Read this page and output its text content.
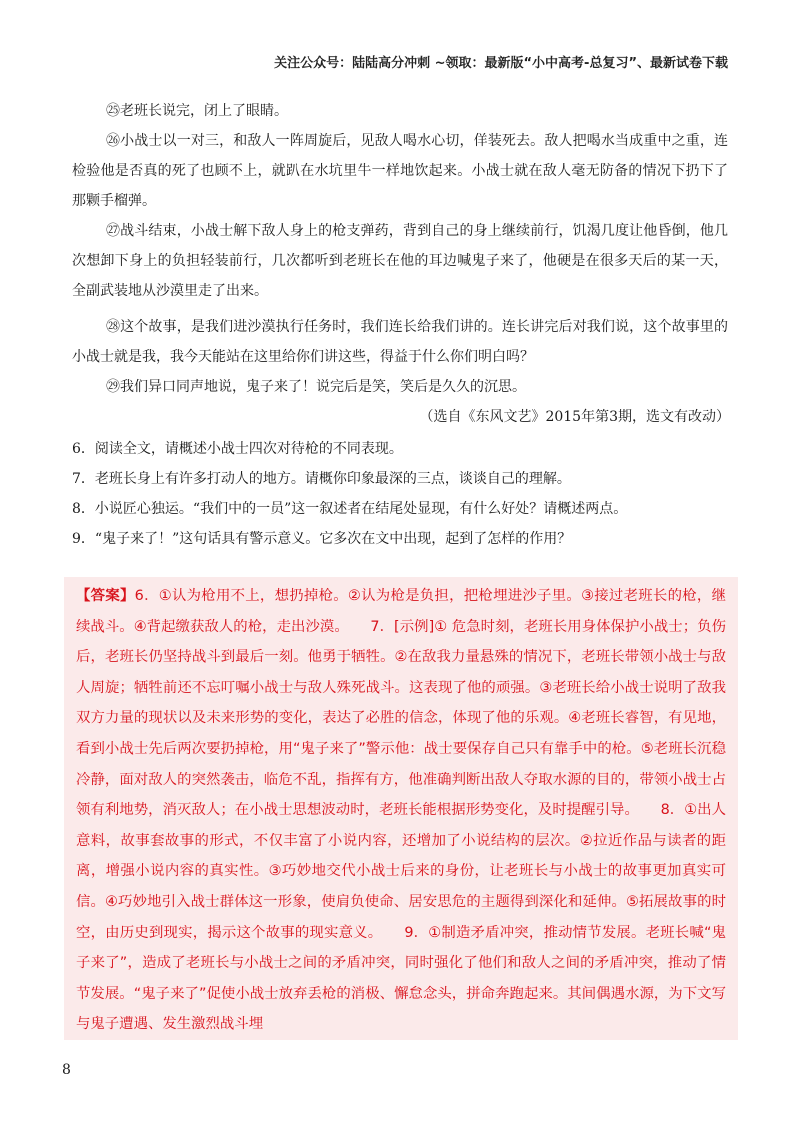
关注公众号：陆陆高分冲刺 ~领取：最新版“小中高考-总复习”、最新试卷下载
㉕老班长说完，闭上了眼睛。
㉖小战士以一对三，和敌人一阵周旋后，见敌人喝水心切，佯装死去。敌人把喝水当成重中之重，连检验他是否真的死了也顾不上，就趴在水坑里牛一样地饮起来。小战士就在敌人毫无防备的情况下扔下了那颗手榴弹。
㉗战斗结束，小战士解下敌人身上的枪支弹药，背到自己的身上继续前行，饥渴几度让他昏倒，他几次想卸下身上的负担轻装前行，几次都听到老班长在他的耳边喊鬼子来了，他硬是在很多天后的某一天，全副武装地从沙漠里走了出来。
㉘这个故事，是我们进沙漠执行任务时，我们连长给我们讲的。连长讲完后对我们说，这个故事里的小战士就是我，我今天能站在这里给你们讲这些，得益于什么你们明白吗？
㉙我们异口同声地说，鬼子来了！说完后是笑，笑后是久久的沉思。
（选自《东风文艺》2015年第3期，选文有改动）
6．阅读全文，请概述小战士四次对待枪的不同表现。
7．老班长身上有许多打动人的地方。请概你印象最深的三点，谈谈自己的理解。
8．小说匠心独运。“我们中的一员”这一叙述者在结尾处显现，有什么好处？请概述两点。
9．“鬼子来了！”这句话具有警示意义。它多次在文中出现，起到了怎样的作用？
【答案】6．①认为枪用不上，想扔掉枪。②认为枪是负担，把枪埋进沙子里。③接过老班长的枪，继续战斗。④背起缴获敌人的枪，走出沙漠。　　7．[示例]① 危急时刻，老班长用身体保护小战士；负伤后，老班长仍坚持战斗到最后一刻。他勇于牺牲。②在敌我力量悬殊的情况下，老班长带领小战士与敌人周旋；牺牲前还不忘叮嘱小战士与敌人殊死战斗。这表现了他的顽强。③老班长给小战士说明了敌我双方力量的现状以及未来形势的变化，表达了必胜的信念，体现了他的乐观。④老班长睿智，有见地，看到小战士先后两次要扔掉枪，用“鬼子来了”警示他：战士要保存自己只有靠手中的枪。⑤老班长沉稳冷静，面对敌人的突然袭击，临危不乱，指挥有方，他准确判断出敌人夺取水源的目的，带领小战士占领有利地势，消灭敌人；在小战士思想波动时，老班长能根据形势变化，及时提醒引导。　　8．①出人意料，故事套故事的形式，不仅丰富了小说内容，还增加了小说结构的层次。②拉近作品与读者的距离，增强小说内容的真实性。③巧妙地交代小战士后来的身份，让老班长与小战士的故事更加真实可信。④巧妙地引入战士群体这一形象，使肩负使命、居安思危的主题得到深化和延伸。⑤拓展故事的时空，由历史到现实，揭示这个故事的现实意义。　　9．①制造矛盾冲突，推动情节发展。老班长喊“鬼子来了”，造成了老班长与小战士之间的矛盾冲突，同时强化了他们和敌人之间的矛盾冲突，推动了情节发展。“鬼子来了”促使小战士放弃丢枪的消极、懈怠念头，拼命奔跑起来。其间偶遇水源，为下文写与鬼子遭遇、发生激烈战斗埋
8
